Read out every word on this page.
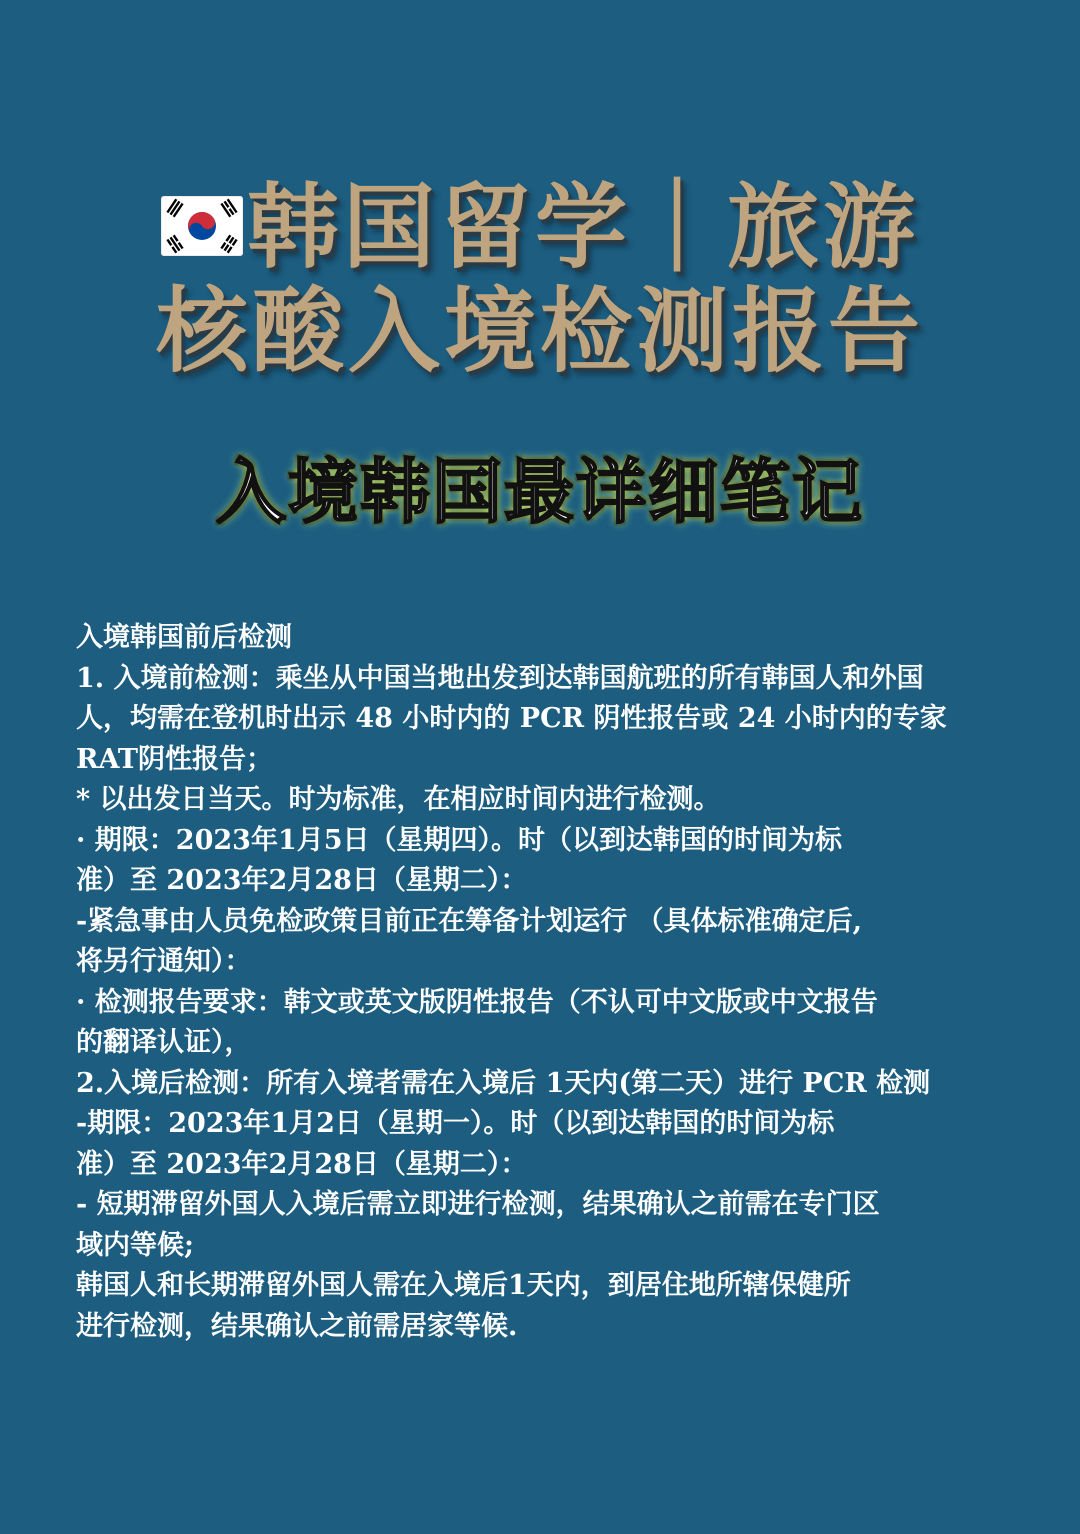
韩国留学｜旅游
核酸入境检测报告
入境韩国最详细笔记
入境韩国前后检测
1. 入境前检测：乘坐从中国当地出发到达韩国航班的所有韩国人和外国
人，均需在登机时出示 48 小时内的 PCR 阴性报告或 24 小时内的专家
RAT阴性报告；
* 以出发日当天。时为标准，在相应时间内进行检测。
· 期限：2023年1月5日（星期四）。时（以到达韩国的时间为标
准）至 2023年2月28日（星期二）：
-紧急事由人员免检政策目前正在筹备计划运行 （具体标准确定后,
将另行通知）：
· 检测报告要求：韩文或英文版阴性报告（不认可中文版或中文报告
的翻译认证），
2.入境后检测：所有入境者需在入境后 1天内(第二天）进行 PCR 检测
-期限：2023年1月2日（星期一）。时（以到达韩国的时间为标
准）至 2023年2月28日（星期二）：
- 短期滞留外国人入境后需立即进行检测，结果确认之前需在专门区
域内等候;
韩国人和长期滞留外国人需在入境后1天内，到居住地所辖保健所
进行检测，结果确认之前需居家等候.
